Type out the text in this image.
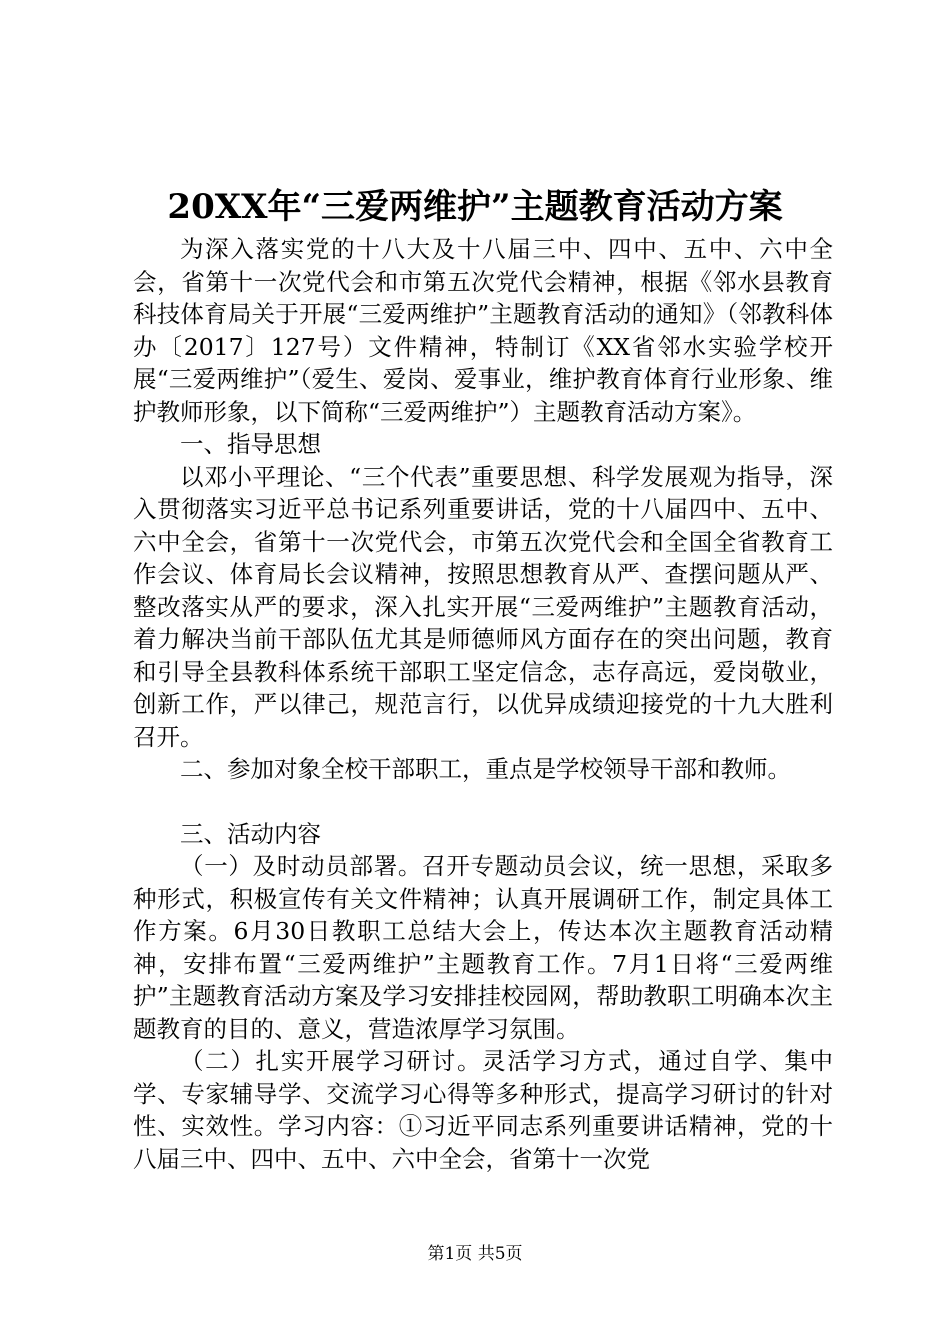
20XX年“三爱两维护”主题教育活动方案

为深入落实党的十八大及十八届三中、四中、五中、六中全会，省第十一次党代会和市第五次党代会精神，根据《邻水县教育科技体育局关于开展“三爱两维护”主题教育活动的通知》（邻教科体办〔2017〕127号）文件精神，特制订《XX省邻水实验学校开展“三爱两维护”（爱生、爱岗、爱事业，维护教育体育行业形象、维护教师形象，以下简称“三爱两维护”）主题教育活动方案》。

一、指导思想

以邓小平理论、“三个代表”重要思想、科学发展观为指导，深入贯彻落实习近平总书记系列重要讲话，党的十八届四中、五中、六中全会，省第十一次党代会，市第五次党代会和全国全省教育工作会议、体育局长会议精神，按照思想教育从严、查摆问题从严、整改落实从严的要求，深入扎实开展“三爱两维护”主题教育活动，着力解决当前干部队伍尤其是师德师风方面存在的突出问题，教育和引导全县教科体系统干部职工坚定信念，志存高远，爱岗敬业，创新工作，严以律己，规范言行，以优异成绩迎接党的十九大胜利召开。

二、参加对象全校干部职工，重点是学校领导干部和教师。

三、活动内容

（一）及时动员部署。召开专题动员会议，统一思想，采取多种形式，积极宣传有关文件精神；认真开展调研工作，制定具体工作方案。6月30日教职工总结大会上，传达本次主题教育活动精神，安排布置“三爱两维护”主题教育工作。7月1日将“三爱两维护”主题教育活动方案及学习安排挂校园网，帮助教职工明确本次主题教育的目的、意义，营造浓厚学习氛围。

（二）扎实开展学习研讨。灵活学习方式，通过自学、集中学、专家辅导学、交流学习心得等多种形式，提高学习研讨的针对性、实效性。学习内容：①习近平同志系列重要讲话精神，党的十八届三中、四中、五中、六中全会，省第十一次党

第1页 共5页
